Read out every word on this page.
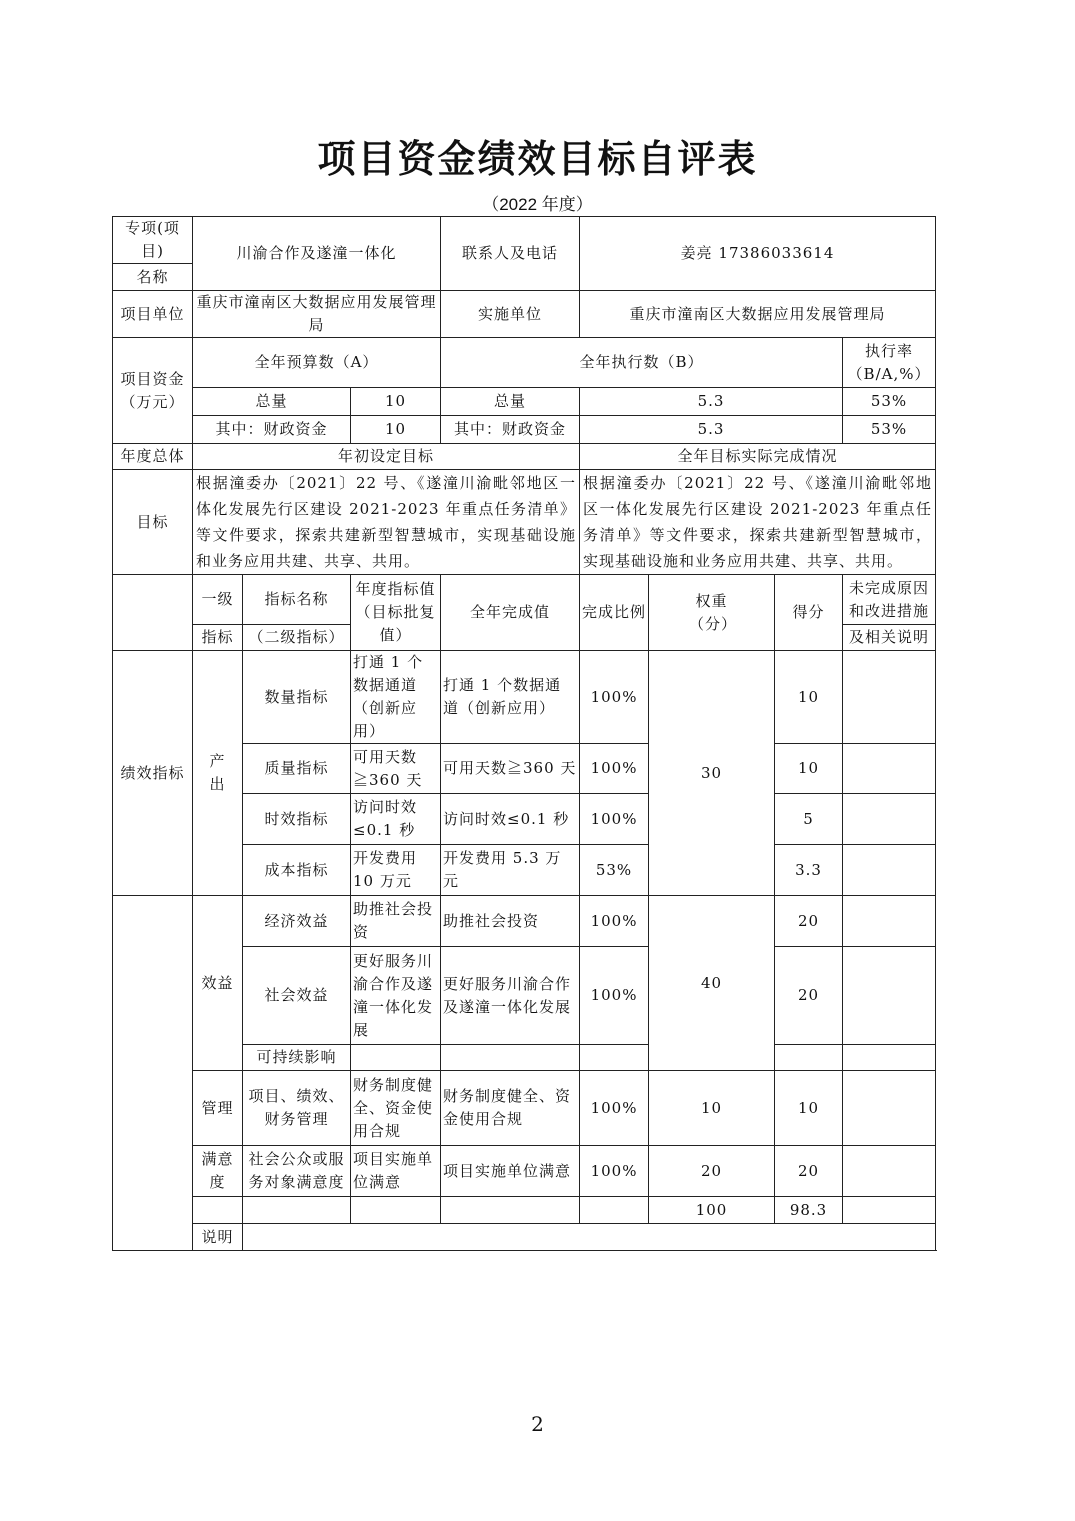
项目资金绩效目标自评表
（2022 年度）
专项(项目)	川渝合作及遂潼一体化			联系人及电话	姜亮 17386033614			
名称								
项目单位	重庆市潼南区大数据应用发展管理局			实施单位	重庆市潼南区大数据应用发展管理局			
项目资金
（万元）	全年预算数（A）			全年执行数（B）				执行率
（B/A,%）
	总量		10	总量	5.3			53%
	其中：财政资金		10	其中：财政资金	5.3			53%
年度总体	年初设定目标				全年目标实际完成情况			
目标	根据潼委办〔2021〕22 号、《遂潼川渝毗邻地区一体化发展先行区建设 2021-2023 年重点任务清单》等文件要求，探索共建新型智慧城市，实现基础设施和业务应用共建、共享、共用。				根据潼委办〔2021〕22 号、《遂潼川渝毗邻地区一体化发展先行区建设 2021-2023 年重点任务清单》等文件要求，探索共建新型智慧城市，实现基础设施和业务应用共建、共享、共用。			
	一级	指标名称	年度指标值（目标批复值）	全年完成值	完成比例	权重（分）	得分	未完成原因和改进措施
	指标	（二级指标）						及相关说明
绩效指标	产出	数量指标	打通 1 个数据通道（创新应用）	打通 1 个数据通道（创新应用）	100%	30	10	
		质量指标	可用天数≧360 天	可用天数≧360 天	100%		10	
		时效指标	访问时效≤0.1 秒	访问时效≤0.1 秒	100%		5	
		成本指标	开发费用 10 万元	开发费用 5.3 万元	53%		3.3	
	效益	经济效益	助推社会投资	助推社会投资	100%	40	20	
		社会效益	更好服务川渝合作及遂潼一体化发展	更好服务川渝合作及遂潼一体化发展	100%		20	
		可持续影响						
	管理	项目、绩效、财务管理	财务制度健全、资金使用合规	财务制度健全、资金使用合规	100%	10	10	
	满意度	社会公众或服务对象满意度	项目实施单位满意	项目实施单位满意	100%	20	20	
						100	98.3	
	说明							
2
